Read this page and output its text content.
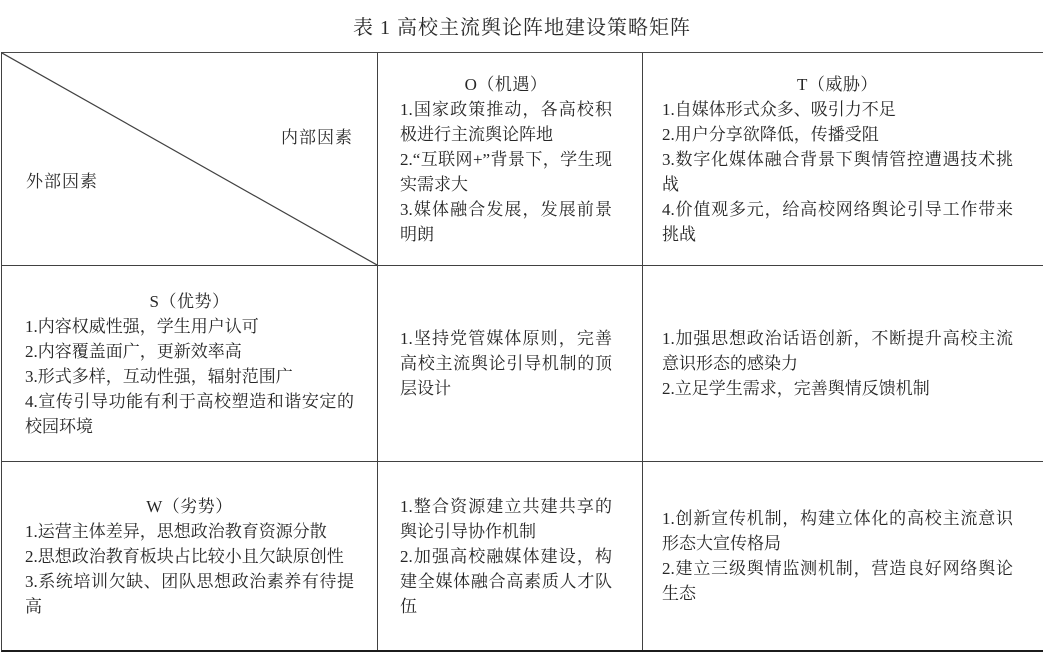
表 1 高校主流舆论阵地建设策略矩阵
内部因素
外部因素
O（机遇）
1.国家政策推动，各高校积极进行主流舆论阵地
2.“互联网+”背景下，学生现实需求大
3.媒体融合发展，发展前景明朗
T（威胁）
1.自媒体形式众多、吸引力不足
2.用户分享欲降低，传播受阻
3.数字化媒体融合背景下舆情管控遭遇技术挑战
4.价值观多元，给高校网络舆论引导工作带来挑战
S（优势）
1.内容权威性强，学生用户认可
2.内容覆盖面广，更新效率高
3.形式多样，互动性强，辐射范围广
4.宣传引导功能有利于高校塑造和谐安定的校园环境
1.坚持党管媒体原则，完善高校主流舆论引导机制的顶层设计
1.加强思想政治话语创新，不断提升高校主流意识形态的感染力
2.立足学生需求，完善舆情反馈机制
W（劣势）
1.运营主体差异，思想政治教育资源分散
2.思想政治教育板块占比较小且欠缺原创性
3.系统培训欠缺、团队思想政治素养有待提高
1.整合资源建立共建共享的舆论引导协作机制
2.加强高校融媒体建设，构建全媒体融合高素质人才队伍
1.创新宣传机制，构建立体化的高校主流意识形态大宣传格局
2.建立三级舆情监测机制，营造良好网络舆论生态
